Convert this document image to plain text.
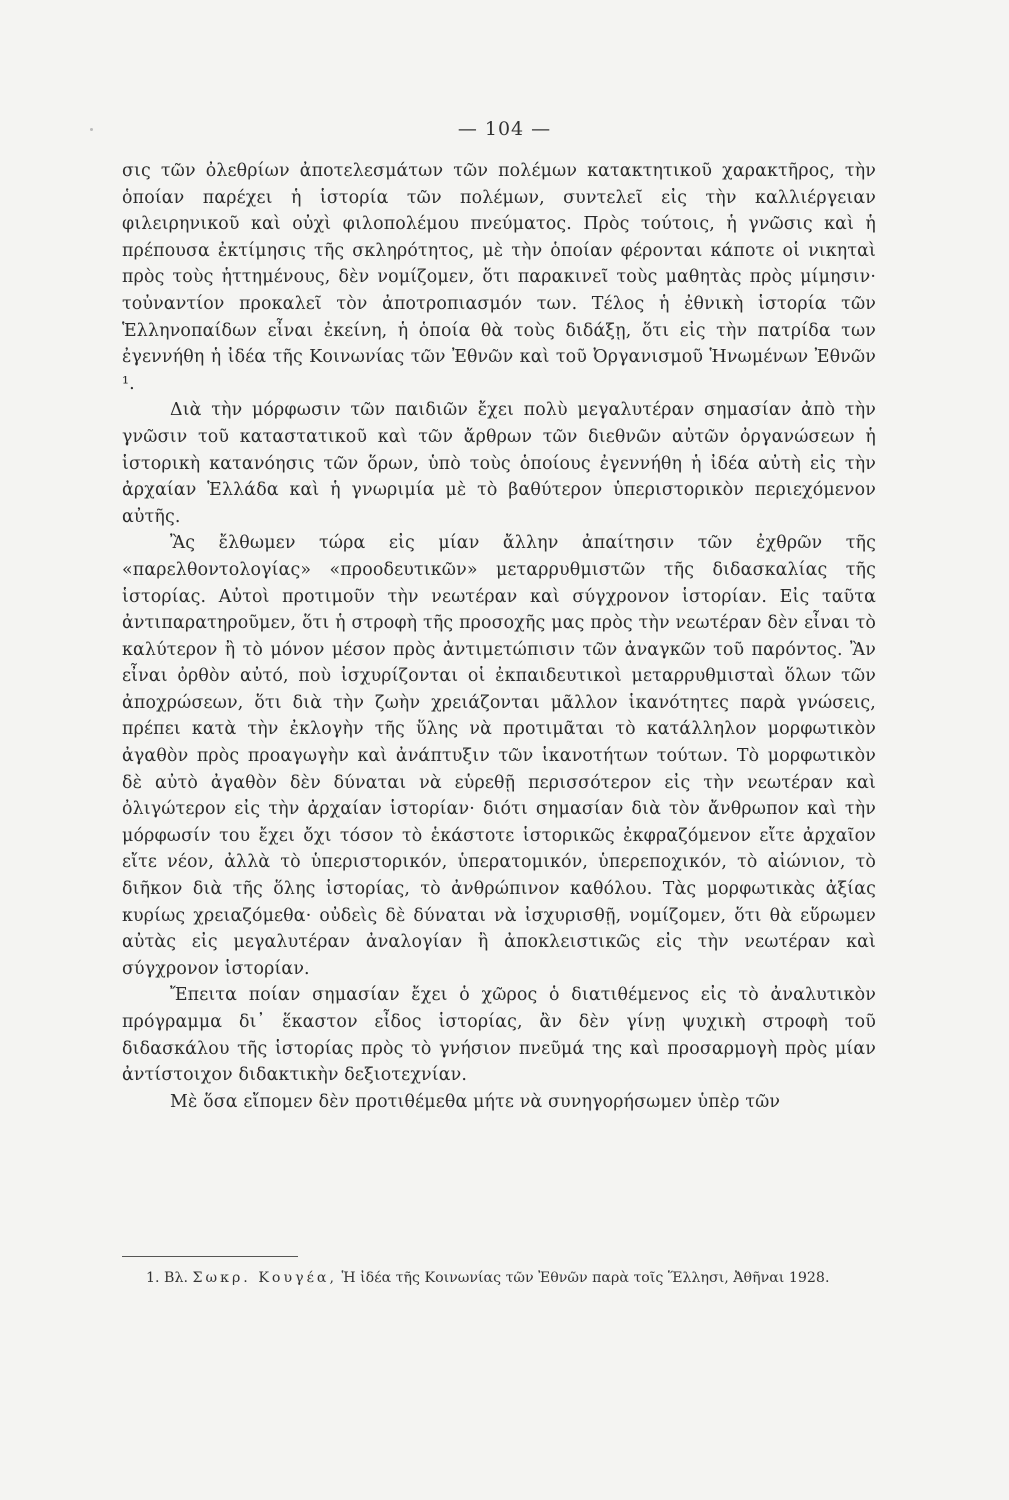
— 104 —

σις τῶν ὀλεθρίων ἀποτελεσμάτων τῶν πολέμων κατακτητικοῦ χαρακτῆρος, τὴν ὁποίαν παρέχει ἡ ἱστορία τῶν πολέμων, συντελεῖ εἰς τὴν καλλιέργειαν φιλειρηνικοῦ καὶ οὐχὶ φιλοπολέμου πνεύματος. Πρὸς τούτοις, ἡ γνῶσις καὶ ἡ πρέπουσα ἐκτίμησις τῆς σκληρότητος, μὲ τὴν ὁποίαν φέρονται κάποτε οἱ νικηταὶ πρὸς τοὺς ἡττημένους, δὲν νομίζομεν, ὅτι παρακινεῖ τοὺς μαθητὰς πρὸς μίμησιν· τοὐναντίον προκαλεῖ τὸν ἀποτροπιασμόν των. Τέλος ἡ ἐθνικὴ ἱστορία τῶν Ἑλληνοπαίδων εἶναι ἐκείνη, ἡ ὁποία θὰ τοὺς διδάξῃ, ὅτι εἰς τὴν πατρίδα των ἐγεννήθη ἡ ἰδέα τῆς Κοινωνίας τῶν Ἐθνῶν καὶ τοῦ Ὀργανισμοῦ Ἡνωμένων Ἐθνῶν ¹.

Διὰ τὴν μόρφωσιν τῶν παιδιῶν ἔχει πολὺ μεγαλυτέραν σημασίαν ἀπὸ τὴν γνῶσιν τοῦ καταστατικοῦ καὶ τῶν ἄρθρων τῶν διεθνῶν αὐτῶν ὀργανώσεων ἡ ἱστορικὴ κατανόησις τῶν ὅρων, ὑπὸ τοὺς ὁποίους ἐγεννήθη ἡ ἰδέα αὐτὴ εἰς τὴν ἀρχαίαν Ἑλλάδα καὶ ἡ γνωριμία μὲ τὸ βαθύτερον ὑπεριστορικὸν περιεχόμενον αὐτῆς.

Ἂς ἔλθωμεν τώρα εἰς μίαν ἄλλην ἀπαίτησιν τῶν ἐχθρῶν τῆς «παρελθοντολογίας» «προοδευτικῶν» μεταρρυθμιστῶν τῆς διδασκαλίας τῆς ἱστορίας. Αὐτοὶ προτιμοῦν τὴν νεωτέραν καὶ σύγχρονον ἱστορίαν. Εἰς ταῦτα ἀντιπαρατηροῦμεν, ὅτι ἡ στροφὴ τῆς προσοχῆς μας πρὸς τὴν νεωτέραν δὲν εἶναι τὸ καλύτερον ἢ τὸ μόνον μέσον πρὸς ἀντιμετώπισιν τῶν ἀναγκῶν τοῦ παρόντος. Ἂν εἶναι ὀρθὸν αὐτό, ποὺ ἰσχυρίζονται οἱ ἐκπαιδευτικοὶ μεταρρυθμισταὶ ὅλων τῶν ἀποχρώσεων, ὅτι διὰ τὴν ζωὴν χρειάζονται μᾶλλον ἱκανότητες παρὰ γνώσεις, πρέπει κατὰ τὴν ἐκλογὴν τῆς ὕλης νὰ προτιμᾶται τὸ κατάλληλον μορφωτικὸν ἀγαθὸν πρὸς προαγωγὴν καὶ ἀνάπτυξιν τῶν ἱκανοτήτων τούτων. Τὸ μορφωτικὸν δὲ αὐτὸ ἀγαθὸν δὲν δύναται νὰ εὑρεθῇ περισσότερον εἰς τὴν νεωτέραν καὶ ὀλιγώτερον εἰς τὴν ἀρχαίαν ἱστορίαν· διότι σημασίαν διὰ τὸν ἄνθρωπον καὶ τὴν μόρφωσίν του ἔχει ὄχι τόσον τὸ ἑκάστοτε ἱστορικῶς ἐκφραζόμενον εἴτε ἀρχαῖον εἴτε νέον, ἀλλὰ τὸ ὑπεριστορικόν, ὑπερατομικόν, ὑπερεποχικόν, τὸ αἰώνιον, τὸ διῆκον διὰ τῆς ὅλης ἱστορίας, τὸ ἀνθρώπινον καθόλου. Τὰς μορφωτικὰς ἀξίας κυρίως χρειαζόμεθα· οὐδεὶς δὲ δύναται νὰ ἰσχυρισθῇ, νομίζομεν, ὅτι θὰ εὕρωμεν αὐτὰς εἰς μεγαλυτέραν ἀναλογίαν ἢ ἀποκλειστικῶς εἰς τὴν νεωτέραν καὶ σύγχρονον ἱστορίαν.

Ἔπειτα ποίαν σημασίαν ἔχει ὁ χῶρος ὁ διατιθέμενος εἰς τὸ ἀναλυτικὸν πρόγραμμα δι᾿ ἕκαστον εἶδος ἱστορίας, ἂν δὲν γίνῃ ψυχικὴ στροφὴ τοῦ διδασκάλου τῆς ἱστορίας πρὸς τὸ γνήσιον πνεῦμά της καὶ προσαρμογὴ πρὸς μίαν ἀντίστοιχον διδακτικὴν δεξιοτεχνίαν.

Μὲ ὅσα εἴπομεν δὲν προτιθέμεθα μήτε νὰ συνηγορήσωμεν ὑπὲρ τῶν

1. Βλ. Σωκρ. Κουγέα, Ἡ ἰδέα τῆς Κοινωνίας τῶν Ἐθνῶν παρὰ τοῖς Ἕλλησι, Ἀθῆναι 1928.
